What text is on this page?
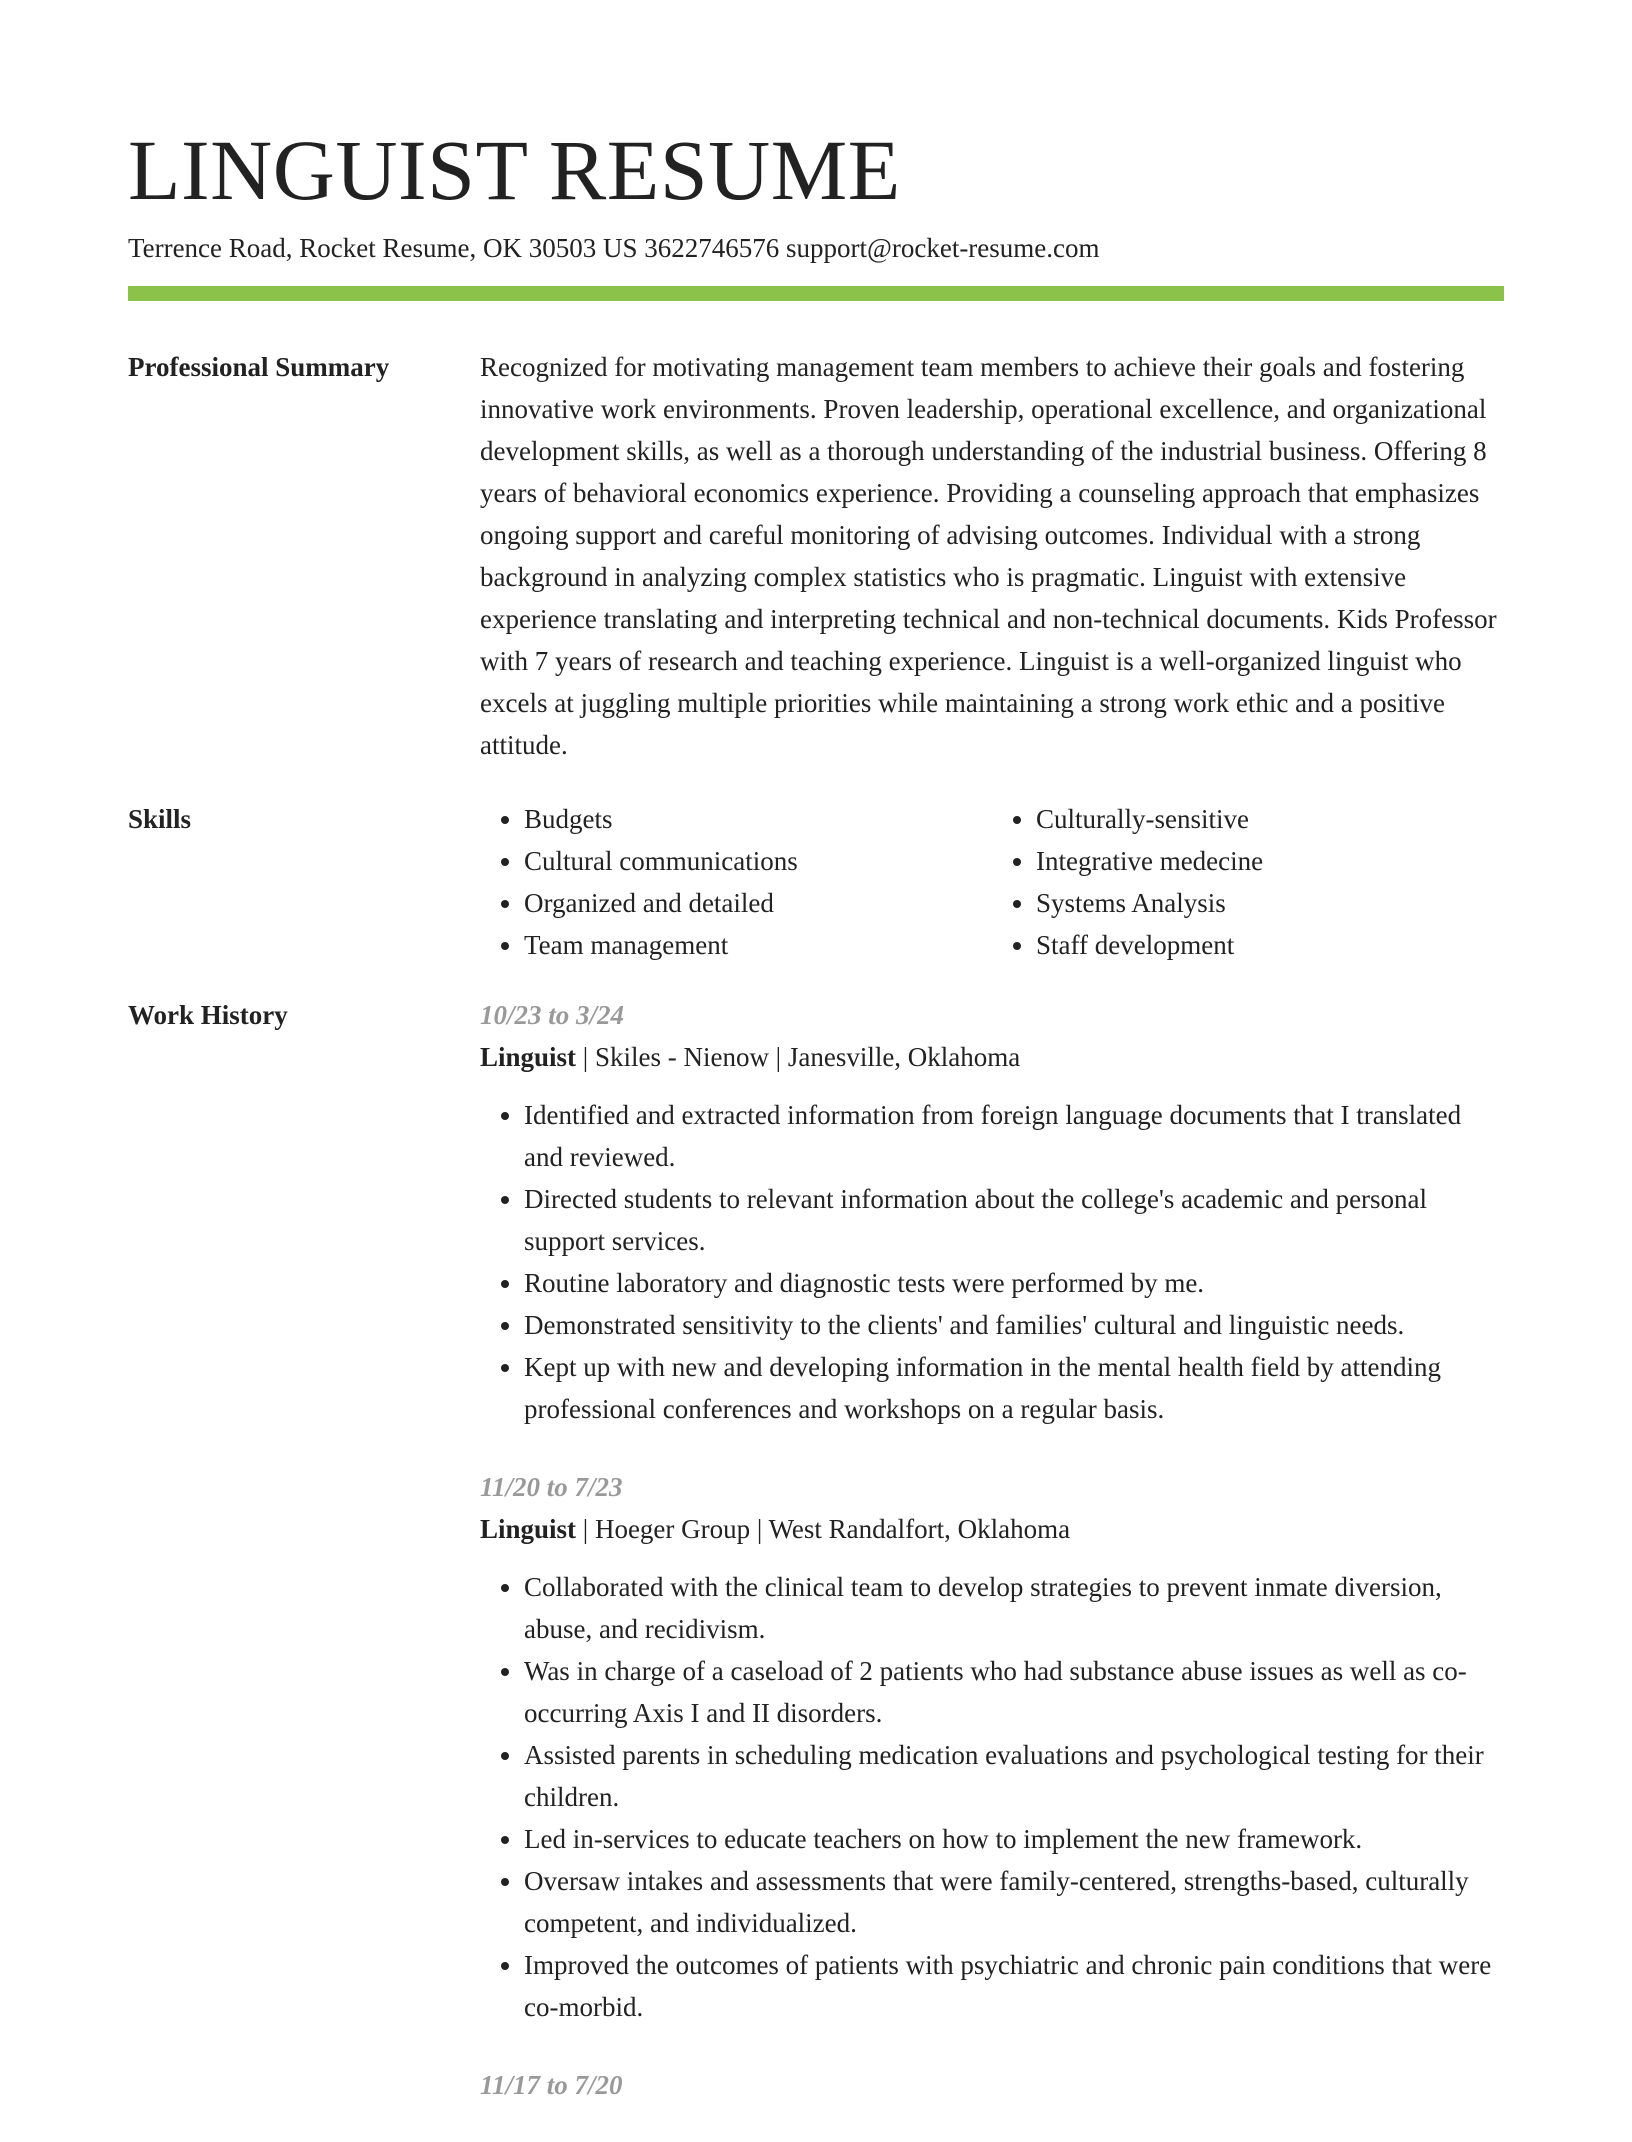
LINGUIST RESUME
Terrence Road, Rocket Resume, OK 30503 US 3622746576 support@rocket-resume.com
Professional Summary	Recognized for motivating management team members to achieve their goals and fostering innovative work environments. Proven leadership, operational excellence, and organizational development skills, as well as a thorough understanding of the industrial business. Offering 8 years of behavioral economics experience. Providing a counseling approach that emphasizes ongoing support and careful monitoring of advising outcomes. Individual with a strong background in analyzing complex statistics who is pragmatic. Linguist with extensive experience translating and interpreting technical and non-technical documents. Kids Professor with 7 years of research and teaching experience. Linguist is a well-organized linguist who excels at juggling multiple priorities while maintaining a strong work ethic and a positive attitude.

Skills
•	Budgets
• Cultural communications
• Organized and detailed
• Team management
• Culturally-sensitive
• Integrative medecine
• Systems Analysis
• Staff development
Work History	10/23 to 3/24
Linguist | Skiles - Nienow | Janesville, Oklahoma
• Identified and extracted information from foreign language documents that I translated and reviewed.
• Directed students to relevant information about the college's academic and personal support services.
• Routine laboratory and diagnostic tests were performed by me.
• Demonstrated sensitivity to the clients' and families' cultural and linguistic needs.
• Kept up with new and developing information in the mental health field by attending professional conferences and workshops on a regular basis.
11/20 to 7/23
Linguist | Hoeger Group | West Randalfort, Oklahoma
• Collaborated with the clinical team to develop strategies to prevent inmate diversion, abuse, and recidivism.
• Was in charge of a caseload of 2 patients who had substance abuse issues as well as co-occurring Axis I and II disorders.
• Assisted parents in scheduling medication evaluations and psychological testing for their children.
• Led in-services to educate teachers on how to implement the new framework.
• Oversaw intakes and assessments that were family-centered, strengths-based, culturally competent, and individualized.
• Improved the outcomes of patients with psychiatric and chronic pain conditions that were co-morbid.
11/17 to 7/20
